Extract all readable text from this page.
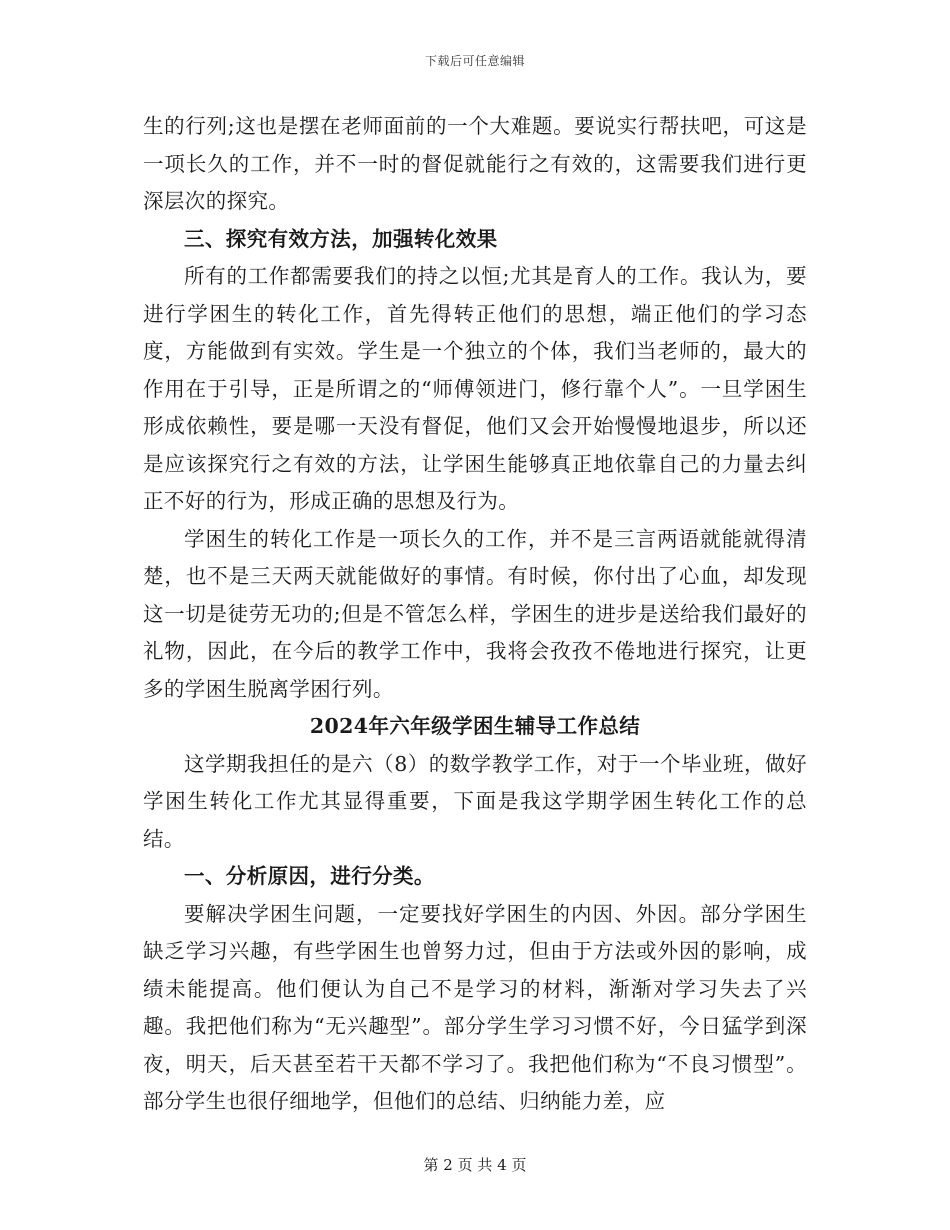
下载后可任意编辑

生的行列;这也是摆在老师面前的一个大难题。要说实行帮扶吧，可这是一项长久的工作，并不一时的督促就能行之有效的，这需要我们进行更深层次的探究。

三、探究有效方法，加强转化效果

所有的工作都需要我们的持之以恒;尤其是育人的工作。我认为，要进行学困生的转化工作，首先得转正他们的思想，端正他们的学习态度，方能做到有实效。学生是一个独立的个体，我们当老师的，最大的作用在于引导，正是所谓之的“师傅领进门，修行靠个人”。一旦学困生形成依赖性，要是哪一天没有督促，他们又会开始慢慢地退步，所以还是应该探究行之有效的方法，让学困生能够真正地依靠自己的力量去纠正不好的行为，形成正确的思想及行为。

学困生的转化工作是一项长久的工作，并不是三言两语就能就得清楚，也不是三天两天就能做好的事情。有时候，你付出了心血，却发现这一切是徒劳无功的;但是不管怎么样，学困生的进步是送给我们最好的礼物，因此，在今后的教学工作中，我将会孜孜不倦地进行探究，让更多的学困生脱离学困行列。

2024年六年级学困生辅导工作总结

这学期我担任的是六（8）的数学教学工作，对于一个毕业班，做好学困生转化工作尤其显得重要，下面是我这学期学困生转化工作的总结。

一、分析原因，进行分类。

要解决学困生问题，一定要找好学困生的内因、外因。部分学困生缺乏学习兴趣，有些学困生也曾努力过，但由于方法或外因的影响，成绩未能提高。他们便认为自己不是学习的材料，渐渐对学习失去了兴趣。我把他们称为“无兴趣型”。部分学生学习习惯不好，今日猛学到深夜，明天，后天甚至若干天都不学习了。我把他们称为“不良习惯型”。部分学生也很仔细地学，但他们的总结、归纳能力差，应

第 2 页 共 4 页
